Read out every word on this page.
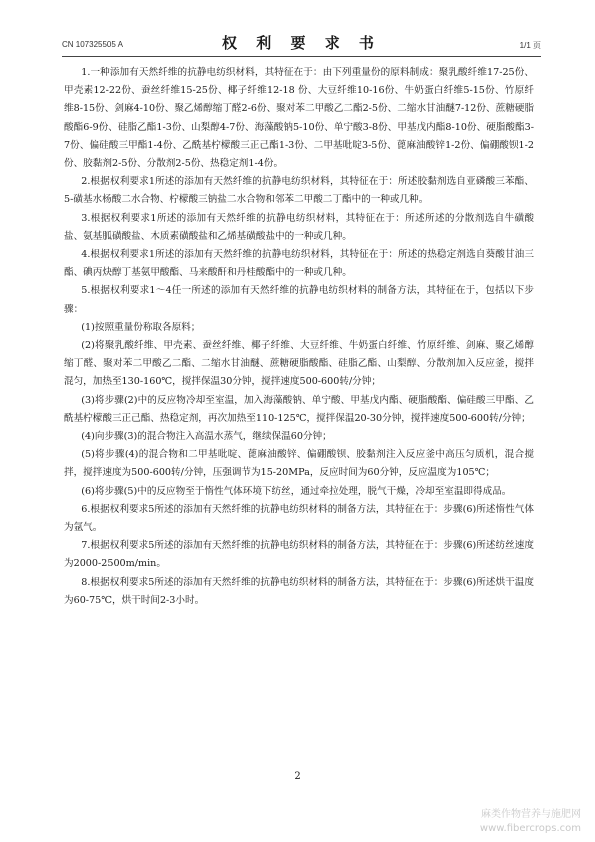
CN 107325505 A	权 利 要 求 书	1/1 页

1.一种添加有天然纤维的抗静电纺织材料，其特征在于：由下列重量份的原料制成：聚乳酸纤维17-25份、甲壳素12-22份、蚕丝纤维15-25份、椰子纤维12-18 份、大豆纤维10-16份、牛奶蛋白纤维5-15份、竹原纤维8-15份、剑麻4-10份、聚乙烯醇缩丁醛2-6份、聚对苯二甲酸乙二酯2-5份、二缩水甘油醚7-12份、蔗糖硬脂酸酯6-9份、硅脂乙酯1-3份、山梨醇4-7份、海藻酸钠5-10份、单宁酸3-8份、甲基戊内酯8-10份、硬脂酸酯3-7份、偏硅酸三甲酯1-4份、乙酰基柠檬酸三正己酯1-3份、二甲基吡啶3-5份、蓖麻油酸锌1-2份、偏硼酸钡1-2 份、胶黏剂2-5份、分散剂2-5份、热稳定剂1-4份。

2.根据权利要求1所述的添加有天然纤维的抗静电纺织材料，其特征在于：所述胶黏剂选自亚磷酸三苯酯、5-磺基水杨酸二水合物、柠檬酸三钠盐二水合物和邻苯二甲酸二丁酯中的一种或几种。

3.根据权利要求1所述的添加有天然纤维的抗静电纺织材料，其特征在于：所述所述的分散剂选自牛磺酸盐、氨基胍磺酸盐、木质素磺酸盐和乙烯基磺酸盐中的一种或几种。

4.根据权利要求1所述的添加有天然纤维的抗静电纺织材料，其特征在于：所述的热稳定剂选自葵酸甘油三酯、碘丙炔醇丁基氨甲酸酯、马来酸酐和丹桂酸酯中的一种或几种。

5.根据权利要求1～4任一所述的添加有天然纤维的抗静电纺织材料的制备方法，其特征在于，包括以下步骤：

(1)按照重量份称取各原料；

(2)将聚乳酸纤维、甲壳素、蚕丝纤维、椰子纤维、大豆纤维、牛奶蛋白纤维、竹原纤维、剑麻、聚乙烯醇缩丁醛、聚对苯二甲酸乙二酯、二缩水甘油醚、蔗糖硬脂酸酯、硅脂乙酯、山梨醇、分散剂加入反应釜，搅拌混匀，加热至130-160℃，搅拌保温30分钟，搅拌速度500-600转/分钟；

(3)将步骤(2)中的反应物冷却至室温，加入海藻酸钠、单宁酸、甲基戊内酯、硬脂酸酯、偏硅酸三甲酯、乙酰基柠檬酸三正己酯、热稳定剂，再次加热至110-125℃，搅拌保温20-30分钟，搅拌速度500-600转/分钟；

(4)向步骤(3)的混合物注入高温水蒸气，继续保温60分钟；

(5)将步骤(4)的混合物和二甲基吡啶、蓖麻油酸锌、偏硼酸钡、胶黏剂注入反应釜中高压匀质机，混合搅拌，搅拌速度为500-600转/分钟，压强调节为15-20MPa，反应时间为60分钟，反应温度为105℃；

(6)将步骤(5)中的反应物至于惰性气体环境下纺丝，通过牵拉处理，脱气干燥，冷却至室温即得成品。

6.根据权利要求5所述的添加有天然纤维的抗静电纺织材料的制备方法，其特征在于：步骤(6)所述惰性气体为氩气。

7.根据权利要求5所述的添加有天然纤维的抗静电纺织材料的制备方法，其特征在于：步骤(6)所述纺丝速度为2000-2500m/min。

8.根据权利要求5所述的添加有天然纤维的抗静电纺织材料的制备方法，其特征在于：步骤(6)所述烘干温度为60-75℃，烘干时间2-3小时。

2
麻类作物营养与施肥网
www.fibercrops.com
